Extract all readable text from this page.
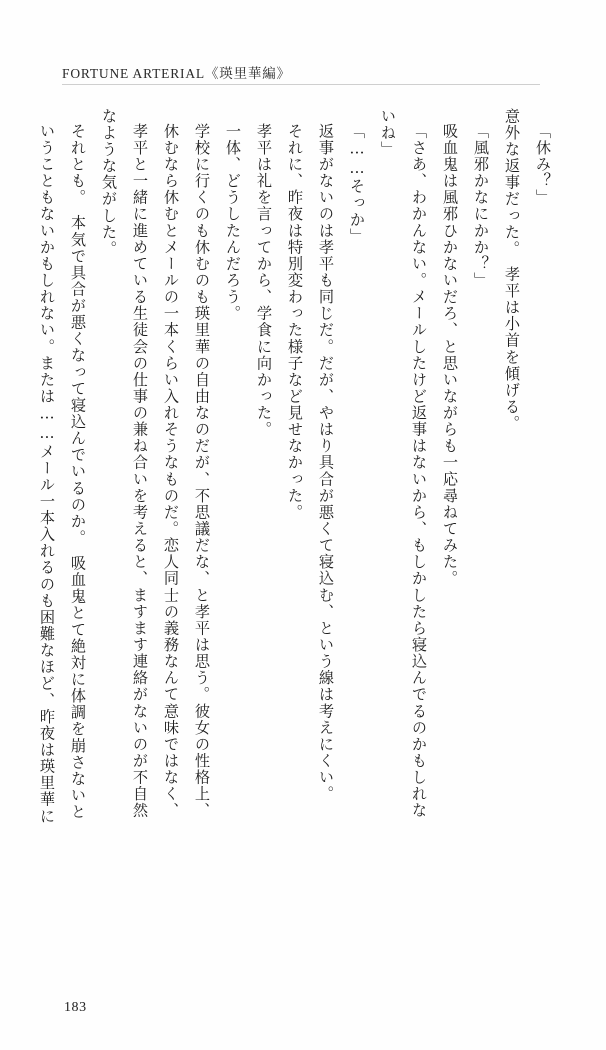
FORTUNE ARTERIAL《瑛里華編》
「休み？」
意外な返事だった。　孝平は小首を傾げる。
「風邪かなにかか？」
吸血鬼は風邪ひかないだろ、と思いながらも一応尋ねてみた。
「さあ、わかんない。メールしたけど返事はないから、もしかしたら寝込んでるのかもしれな
いね」
「……そっか」
返事がないのは孝平も同じだ。だが、やはり具合が悪くて寝込む、という線は考えにくい。
それに、昨夜は特別変わった様子など見せなかった。
孝平は礼を言ってから、学食に向かった。
一体、どうしたんだろう。
学校に行くのも休むのも瑛里華の自由なのだが、不思議だな、と孝平は思う。彼女の性格上、
休むなら休むとメールの一本くらい入れそうなものだ。恋人同士の義務なんて意味ではなく、
孝平と一緒に進めている生徒会の仕事の兼ね合いを考えると、ますます連絡がないのが不自然
なような気がした。
それとも。　本気で具合が悪くなって寝込んでいるのか。　吸血鬼とて絶対に体調を崩さないと
いうこともないかもしれない。または……メール一本入れるのも困難なほど、昨夜は瑛里華に
183
